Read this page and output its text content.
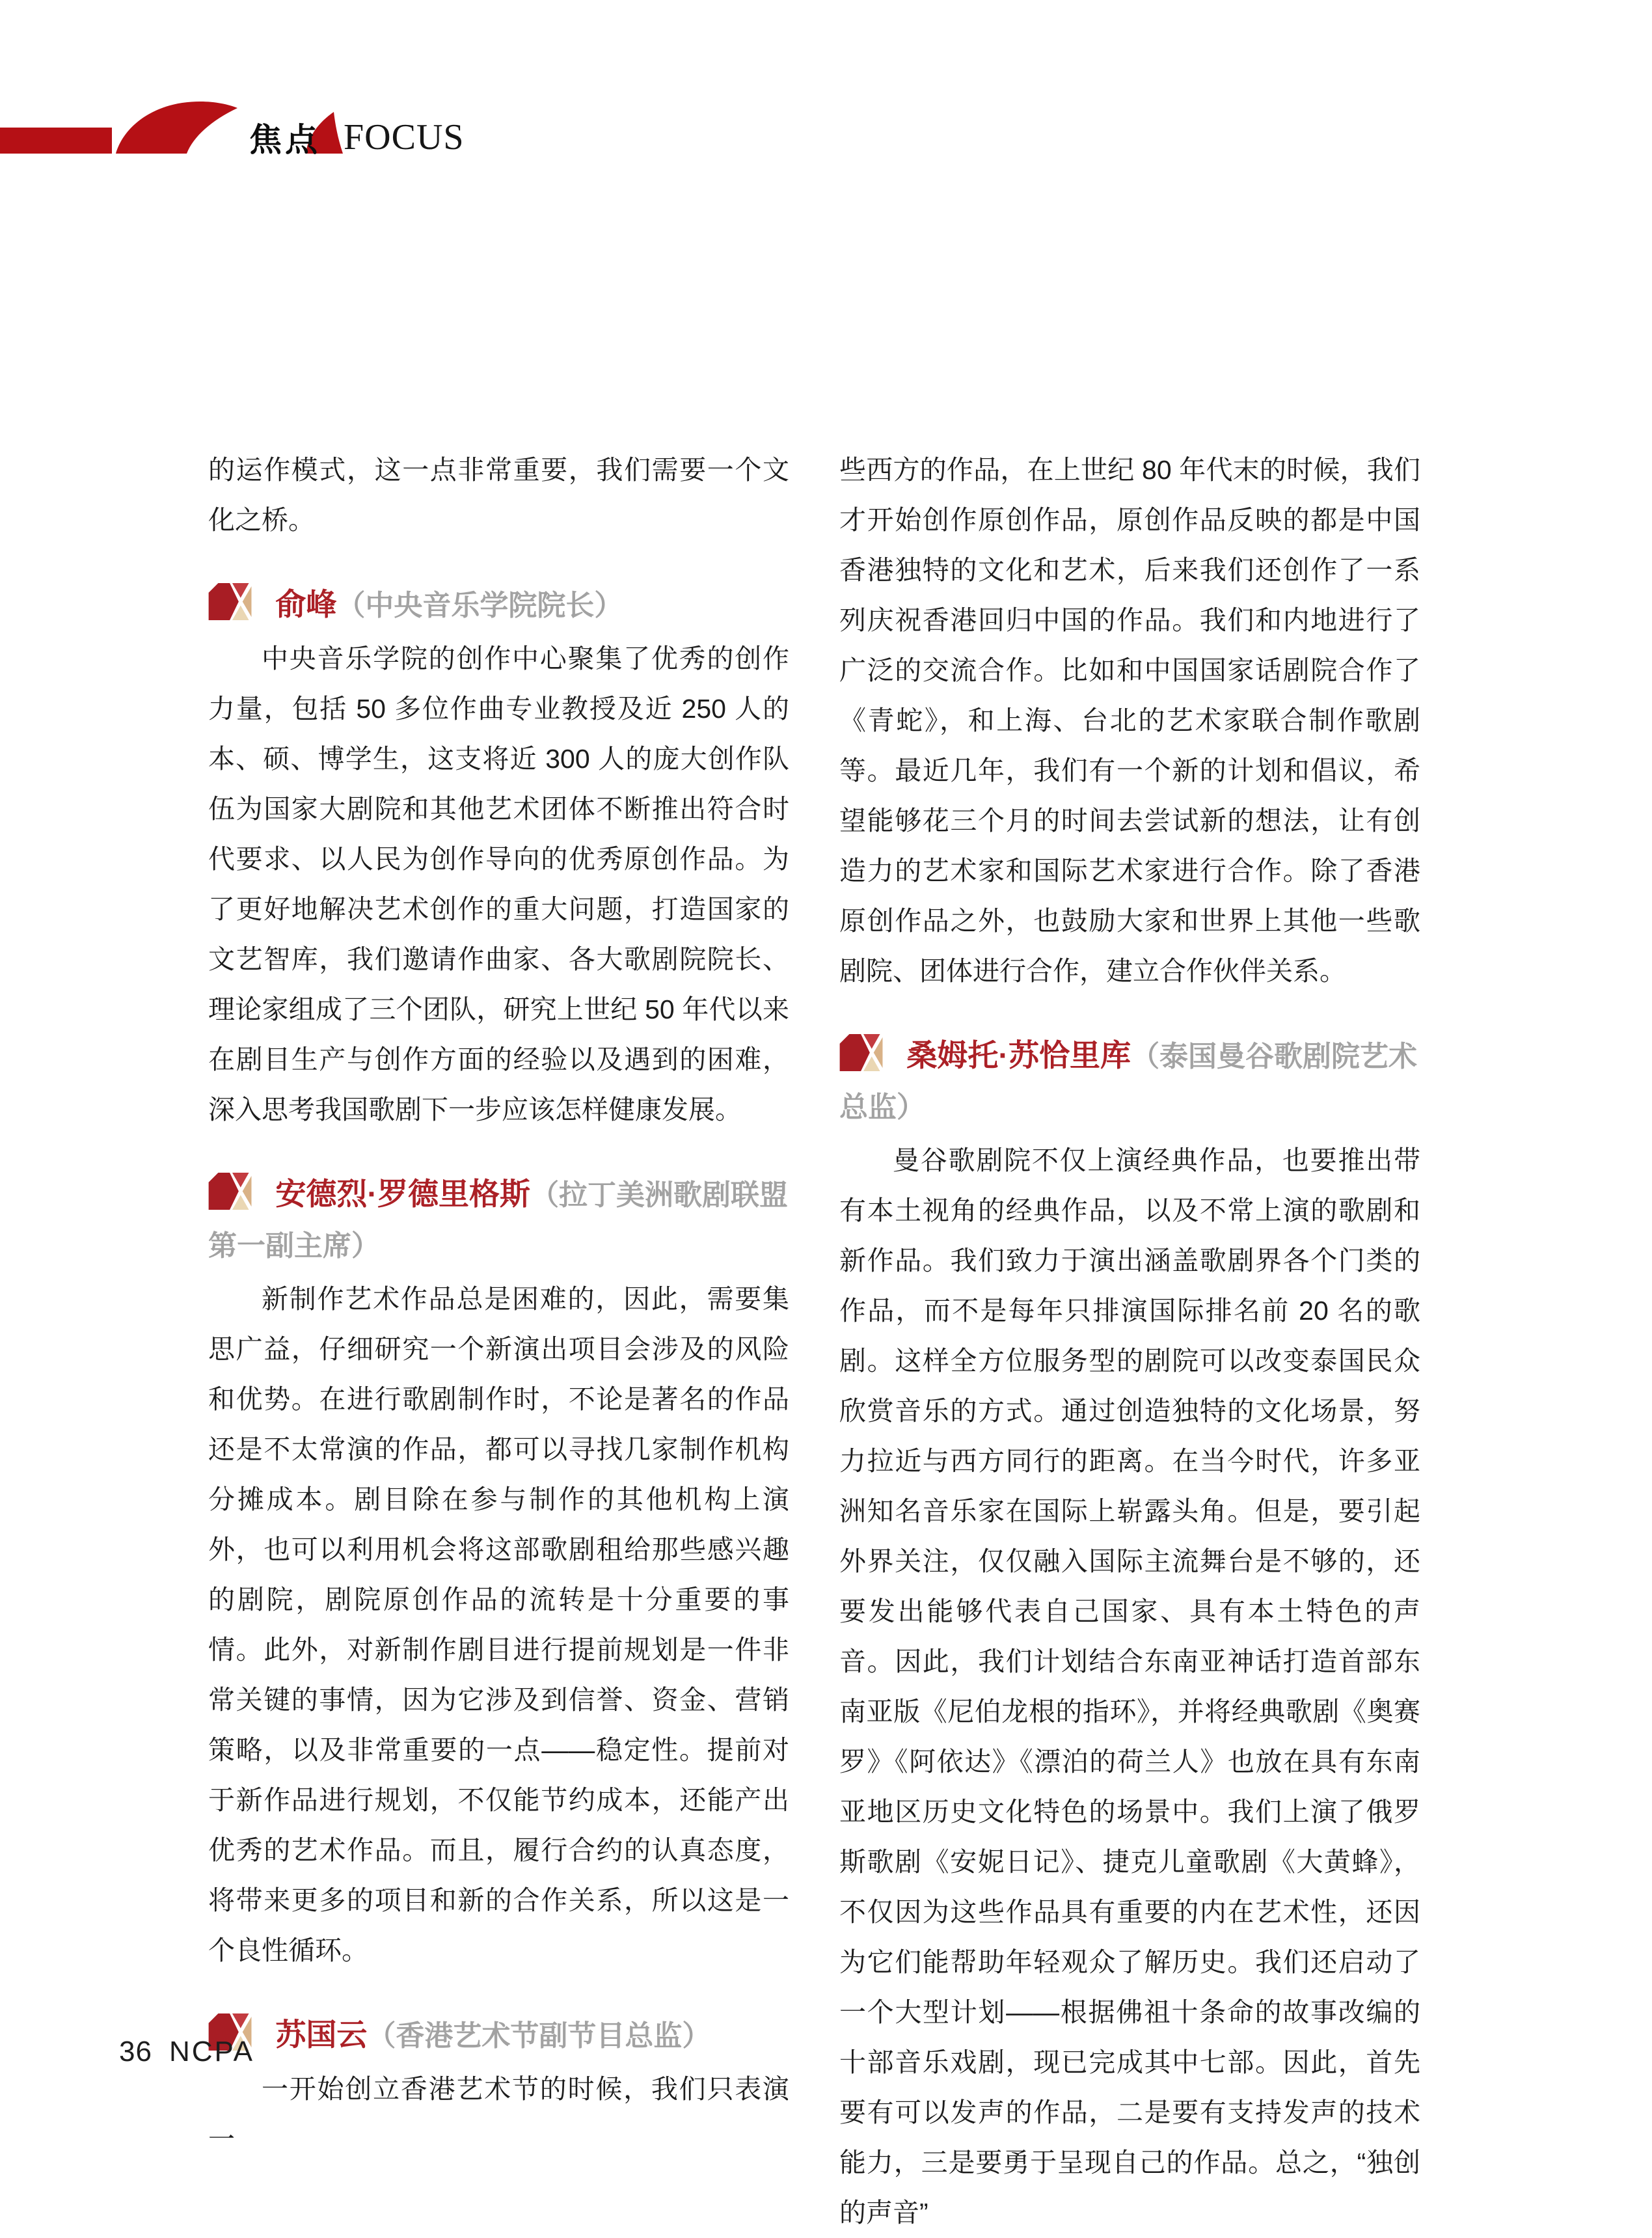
焦点 FOCUS

的运作模式，这一点非常重要，我们需要一个文化之桥。

俞峰（中央音乐学院院长）

中央音乐学院的创作中心聚集了优秀的创作力量，包括 50 多位作曲专业教授及近 250 人的本、硕、博学生，这支将近 300 人的庞大创作队伍为国家大剧院和其他艺术团体不断推出符合时代要求、以人民为创作导向的优秀原创作品。为了更好地解决艺术创作的重大问题，打造国家的文艺智库，我们邀请作曲家、各大歌剧院院长、理论家组成了三个团队，研究上世纪 50 年代以来在剧目生产与创作方面的经验以及遇到的困难，深入思考我国歌剧下一步应该怎样健康发展。

安德烈·罗德里格斯（拉丁美洲歌剧联盟第一副主席）

新制作艺术作品总是困难的，因此，需要集思广益，仔细研究一个新演出项目会涉及的风险和优势。在进行歌剧制作时，不论是著名的作品还是不太常演的作品，都可以寻找几家制作机构分摊成本。剧目除在参与制作的其他机构上演外，也可以利用机会将这部歌剧租给那些感兴趣的剧院，剧院原创作品的流转是十分重要的事情。此外，对新制作剧目进行提前规划是一件非常关键的事情，因为它涉及到信誉、资金、营销策略，以及非常重要的一点——稳定性。提前对于新作品进行规划，不仅能节约成本，还能产出优秀的艺术作品。而且，履行合约的认真态度，将带来更多的项目和新的合作关系，所以这是一个良性循环。

苏国云（香港艺术节副节目总监）

一开始创立香港艺术节的时候，我们只表演一

些西方的作品，在上世纪 80 年代末的时候，我们才开始创作原创作品，原创作品反映的都是中国香港独特的文化和艺术，后来我们还创作了一系列庆祝香港回归中国的作品。我们和内地进行了广泛的交流合作。比如和中国国家话剧院合作了《青蛇》，和上海、台北的艺术家联合制作歌剧等。最近几年，我们有一个新的计划和倡议，希望能够花三个月的时间去尝试新的想法，让有创造力的艺术家和国际艺术家进行合作。除了香港原创作品之外，也鼓励大家和世界上其他一些歌剧院、团体进行合作，建立合作伙伴关系。

桑姆托·苏恰里库（泰国曼谷歌剧院艺术总监）

曼谷歌剧院不仅上演经典作品，也要推出带有本土视角的经典作品，以及不常上演的歌剧和新作品。我们致力于演出涵盖歌剧界各个门类的作品，而不是每年只排演国际排名前 20 名的歌剧。这样全方位服务型的剧院可以改变泰国民众欣赏音乐的方式。通过创造独特的文化场景，努力拉近与西方同行的距离。在当今时代，许多亚洲知名音乐家在国际上崭露头角。但是，要引起外界关注，仅仅融入国际主流舞台是不够的，还要发出能够代表自己国家、具有本土特色的声音。因此，我们计划结合东南亚神话打造首部东南亚版《尼伯龙根的指环》，并将经典歌剧《奥赛罗》《阿依达》《漂泊的荷兰人》也放在具有东南亚地区历史文化特色的场景中。我们上演了俄罗斯歌剧《安妮日记》、捷克儿童歌剧《大黄蜂》，不仅因为这些作品具有重要的内在艺术性，还因为它们能帮助年轻观众了解历史。我们还启动了一个大型计划——根据佛祖十条命的故事改编的十部音乐戏剧，现已完成其中七部。因此，首先要有可以发声的作品，二是要有支持发声的技术能力，三是要勇于呈现自己的作品。总之，“独创的声音”

36 NCPA
